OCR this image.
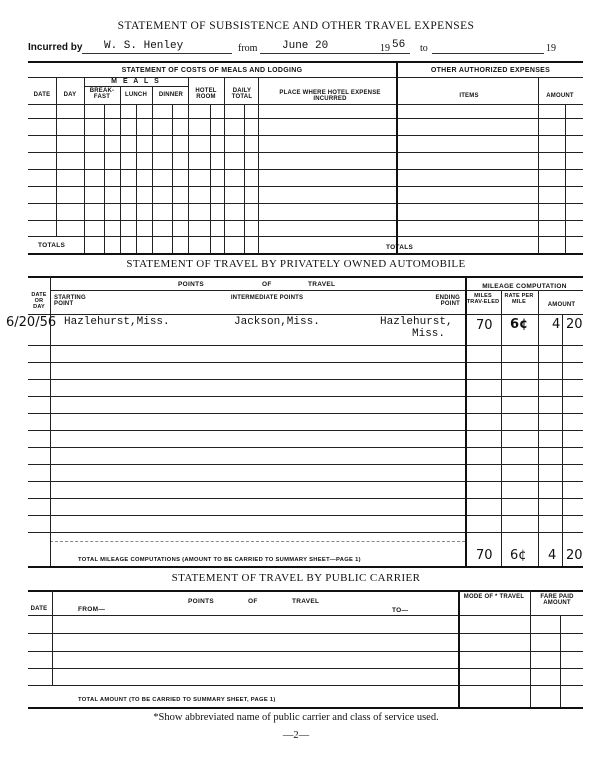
STATEMENT OF SUBSISTENCE AND OTHER TRAVEL EXPENSES
Incurred by W. S. Henley	from June 20	19 56 to	19
STATEMENT OF COSTS OF MEALS AND LODGING	OTHER AUTHORIZED EXPENSES
M E A L S
DATE	DAY
BREAK-FAST	LUNCH	DINNER
HOTEL ROOM
DAILY TOTAL
PLACE WHERE HOTEL EXPENSE INCURRED	ITEMS	AMOUNT
TOTALS	TOTALS
STATEMENT OF TRAVEL BY PRIVATELY OWNED AUTOMOBILE
POINTS	OF	TRAVEL	MILEAGE COMPUTATION
DATE OR DAY
STARTING POINT
INTERMEDIATE POINTS	ENDING POINT
MILES TRAV-ELED
RATE PER MILE	AMOUNT
6/20/56 Hazlehurst,Miss.	Jackson,Miss.	Hazlehurst,
Miss.
70 6¢ 4 20
TOTAL MILEAGE COMPUTATIONS (AMOUNT TO BE CARRIED TO SUMMARY SHEET—PAGE 1)	70 6¢ 4 20
STATEMENT OF TRAVEL BY PUBLIC CARRIER
POINTS	OF	TRAVEL
DATE	FROM—	TO—
MODE OF * TRAVEL	FARE PAID AMOUNT
TOTAL AMOUNT (TO BE CARRIED TO SUMMARY SHEET, PAGE 1)
*Show abbreviated name of public carrier and class of service used.
—2—
